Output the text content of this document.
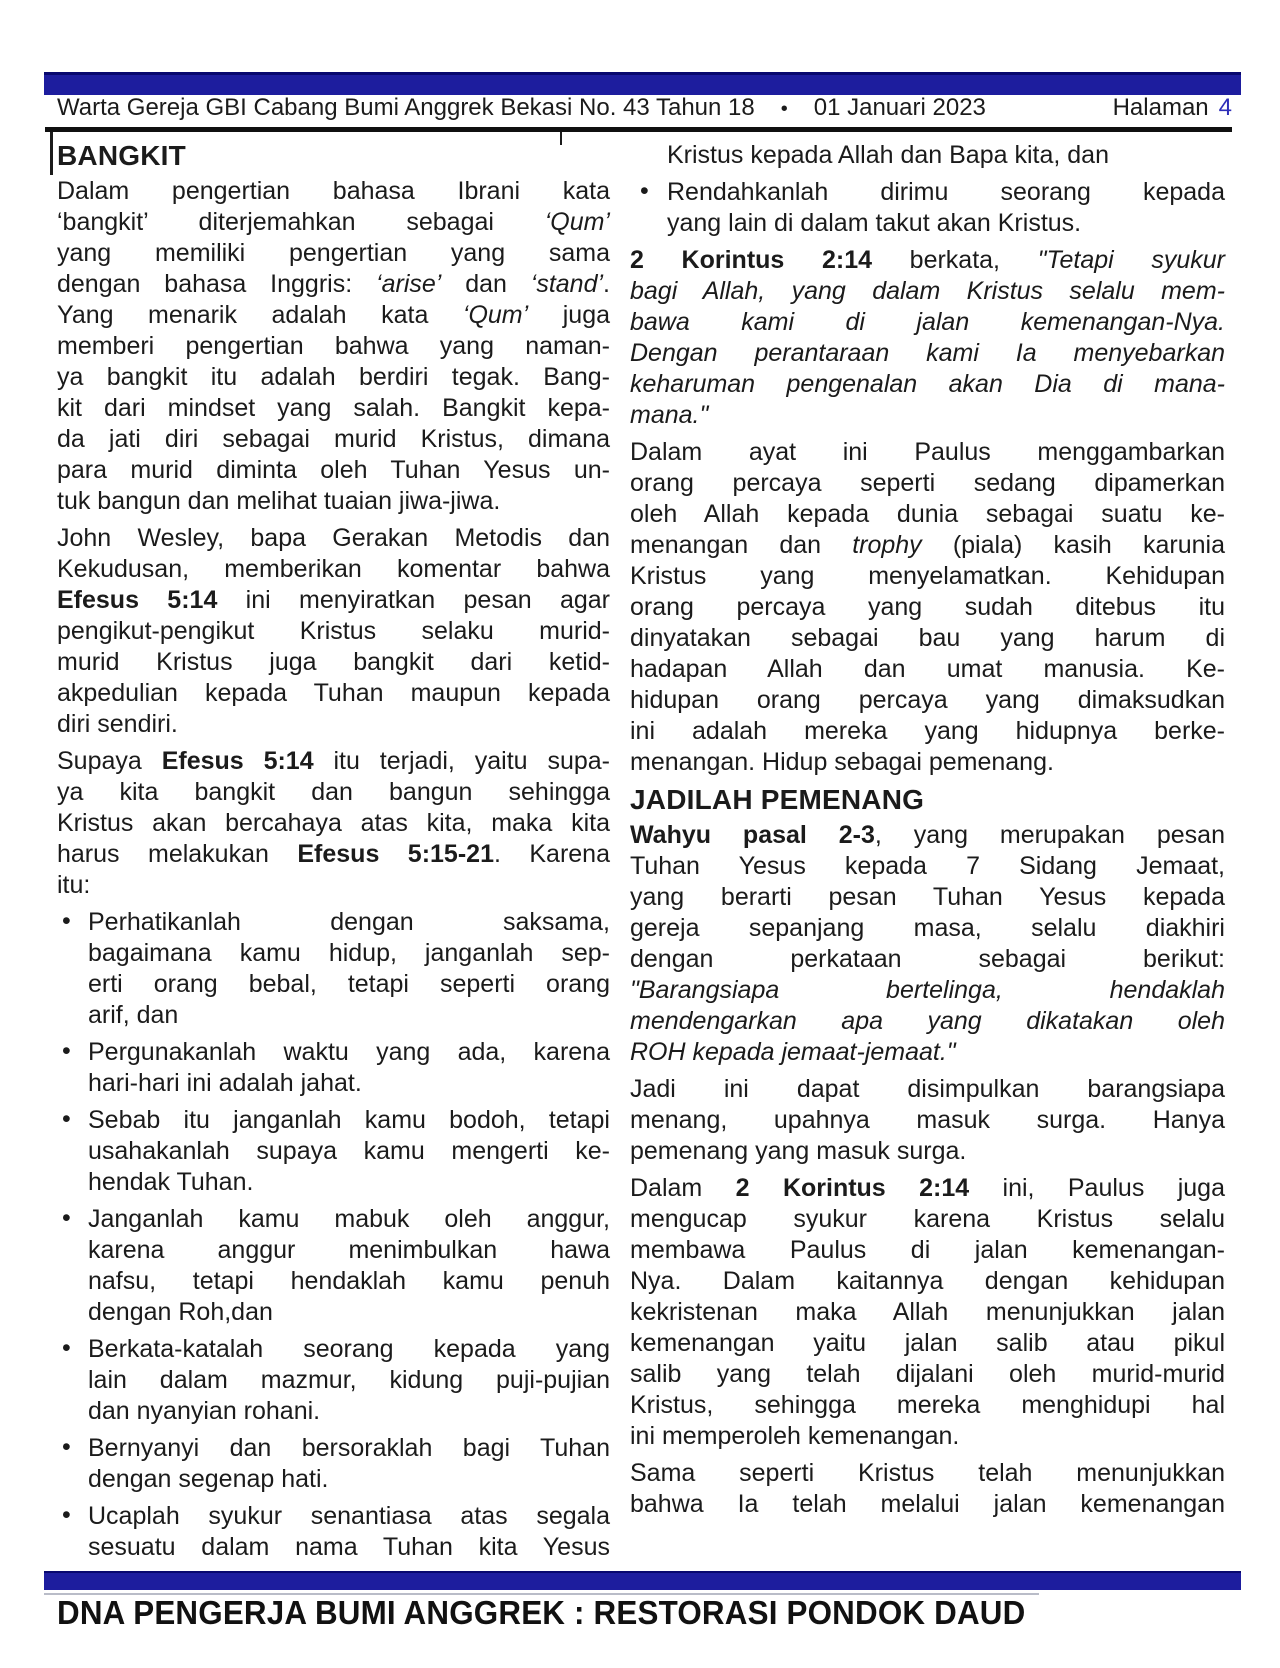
Warta Gereja GBI Cabang Bumi Anggrek Bekasi No. 43 Tahun 18 • 01 Januari 2023	Halaman 4
BANGKIT
Dalam pengertian bahasa Ibrani kata
‘bangkit’ diterjemahkan sebagai ‘Qum’
yang memiliki pengertian yang sama
dengan bahasa Inggris: ‘arise’ dan ‘stand’.
Yang menarik adalah kata ‘Qum’ juga
memberi pengertian bahwa yang naman-
ya bangkit itu adalah berdiri tegak. Bang-
kit dari mindset yang salah. Bangkit kepa-
da jati diri sebagai murid Kristus, dimana
para murid diminta oleh Tuhan Yesus un-
tuk bangun dan melihat tuaian jiwa-jiwa.
John Wesley, bapa Gerakan Metodis dan
Kekudusan, memberikan komentar bahwa
Efesus 5:14 ini menyiratkan pesan agar
pengikut-pengikut Kristus selaku murid-
murid Kristus juga bangkit dari ketid-
akpedulian kepada Tuhan maupun kepada
diri sendiri.
Supaya Efesus 5:14 itu terjadi, yaitu supa-
ya kita bangkit dan bangun sehingga
Kristus akan bercahaya atas kita, maka kita
harus melakukan Efesus 5:15-21. Karena
itu:
• Perhatikanlah dengan saksama,
bagaimana kamu hidup, janganlah sep-
erti orang bebal, tetapi seperti orang
arif, dan
• Pergunakanlah waktu yang ada, karena
hari-hari ini adalah jahat.
• Sebab itu janganlah kamu bodoh, tetapi
usahakanlah supaya kamu mengerti ke-
hendak Tuhan.
• Janganlah kamu mabuk oleh anggur,
karena anggur menimbulkan hawa
nafsu, tetapi hendaklah kamu penuh
dengan Roh,dan
• Berkata-katalah seorang kepada yang
lain dalam mazmur, kidung puji-pujian
dan nyanyian rohani.
• Bernyanyi dan bersoraklah bagi Tuhan
dengan segenap hati.
• Ucaplah syukur senantiasa atas segala
sesuatu dalam nama Tuhan kita Yesus
Kristus kepada Allah dan Bapa kita, dan
• Rendahkanlah dirimu seorang kepada
yang lain di dalam takut akan Kristus.
2 Korintus 2:14 berkata, "Tetapi syukur
bagi Allah, yang dalam Kristus selalu mem-
bawa kami di jalan kemenangan-Nya.
Dengan perantaraan kami Ia menyebarkan
keharuman pengenalan akan Dia di mana-
mana."
Dalam ayat ini Paulus menggambarkan
orang percaya seperti sedang dipamerkan
oleh Allah kepada dunia sebagai suatu ke-
menangan dan trophy (piala) kasih karunia
Kristus yang menyelamatkan. Kehidupan
orang percaya yang sudah ditebus itu
dinyatakan sebagai bau yang harum di
hadapan Allah dan umat manusia. Ke-
hidupan orang percaya yang dimaksudkan
ini adalah mereka yang hidupnya berke-
menangan. Hidup sebagai pemenang.
JADILAH PEMENANG
Wahyu pasal 2-3, yang merupakan pesan
Tuhan Yesus kepada 7 Sidang Jemaat,
yang berarti pesan Tuhan Yesus kepada
gereja sepanjang masa, selalu diakhiri
dengan perkataan sebagai berikut:
"Barangsiapa bertelinga, hendaklah
mendengarkan apa yang dikatakan oleh
ROH kepada jemaat-jemaat."
Jadi ini dapat disimpulkan barangsiapa
menang, upahnya masuk surga. Hanya
pemenang yang masuk surga.
Dalam 2 Korintus 2:14 ini, Paulus juga
mengucap syukur karena Kristus selalu
membawa Paulus di jalan kemenangan-
Nya. Dalam kaitannya dengan kehidupan
kekristenan maka Allah menunjukkan jalan
kemenangan yaitu jalan salib atau pikul
salib yang telah dijalani oleh murid-murid
Kristus, sehingga mereka menghidupi hal
ini memperoleh kemenangan.
Sama seperti Kristus telah menunjukkan
bahwa Ia telah melalui jalan kemenangan
DNA PENGERJA BUMI ANGGREK : RESTORASI PONDOK DAUD
